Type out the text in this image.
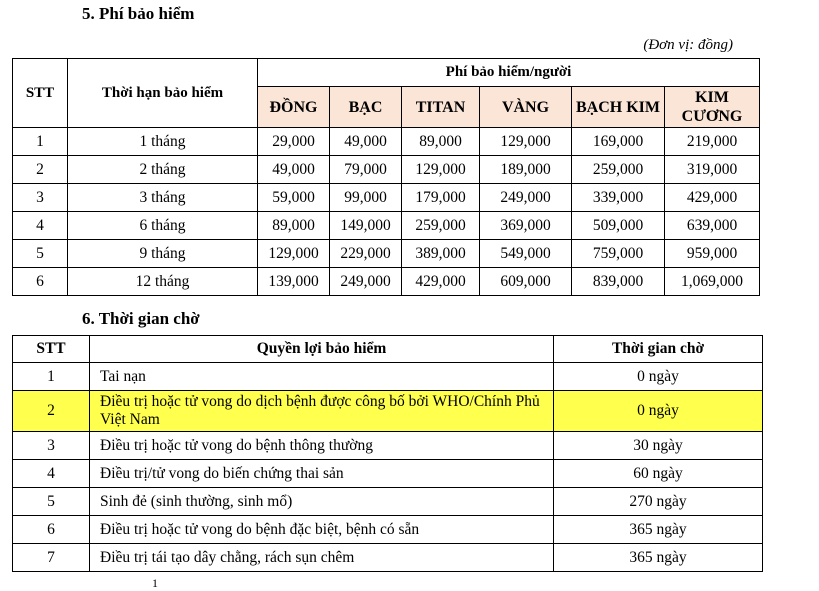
5. Phí bảo hiểm
(Đơn vị: đồng)
STT	Thời hạn bảo hiểm	Phí bảo hiểm/người					
		ĐỒNG	BẠC	TITAN	VÀNG	BẠCH KIM	KIM CƯƠNG
1	1 tháng	29,000	49,000	89,000	129,000	169,000	219,000
2	2 tháng	49,000	79,000	129,000	189,000	259,000	319,000
3	3 tháng	59,000	99,000	179,000	249,000	339,000	429,000
4	6 tháng	89,000	149,000	259,000	369,000	509,000	639,000
5	9 tháng	129,000	229,000	389,000	549,000	759,000	959,000
6	12 tháng	139,000	249,000	429,000	609,000	839,000	1,069,000
6. Thời gian chờ
STT	Quyền lợi bảo hiểm	Thời gian chờ
1	Tai nạn	0 ngày
2	Điều trị hoặc tử vong do dịch bệnh được công bố bởi WHO/Chính Phủ Việt Nam	0 ngày
3	Điều trị hoặc tử vong do bệnh thông thường	30 ngày
4	Điều trị/tử vong do biến chứng thai sản	60 ngày
5	Sinh đẻ (sinh thường, sinh mổ)	270 ngày
6	Điều trị hoặc tử vong do bệnh đặc biệt, bệnh có sẵn	365 ngày
7	Điều trị tái tạo dây chằng, rách sụn chêm	365 ngày
1
